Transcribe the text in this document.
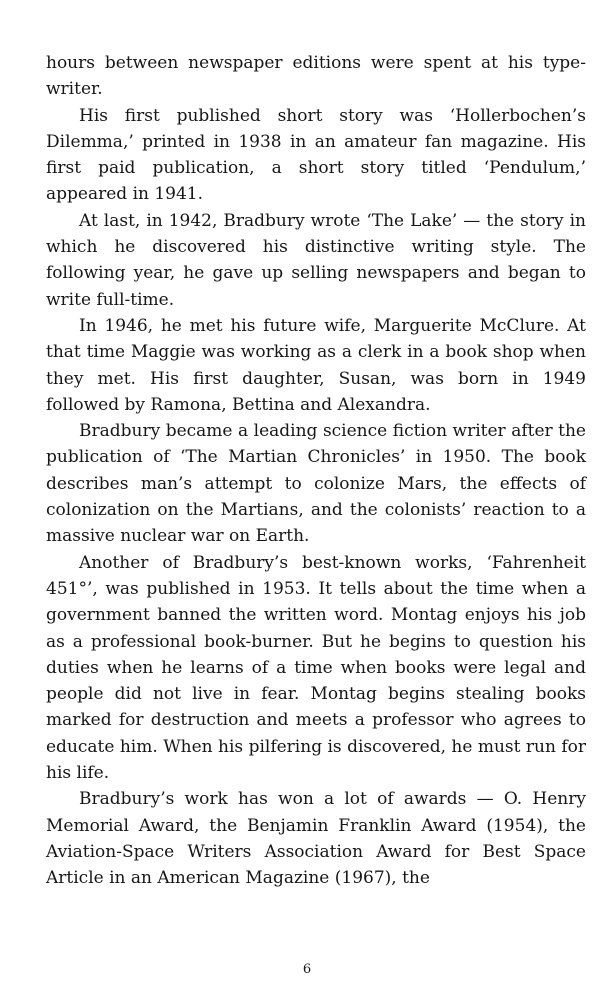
hours between newspaper editions were spent at his typewriter.

His first published short story was ‘Hollerbochen’s Dilemma,’ printed in 1938 in an amateur fan magazine. His first paid publication, a short story titled ‘Pendulum,’ appeared in 1941.

At last, in 1942, Bradbury wrote ‘The Lake’ — the story in which he discovered his distinctive writing style. The following year, he gave up selling newspapers and began to write full-time.

In 1946, he met his future wife, Marguerite McClure. At that time Maggie was working as a clerk in a book shop when they met. His first daughter, Susan, was born in 1949 followed by Ramona, Bettina and Alexandra.

Bradbury became a leading science fiction writer after the publication of ‘The Martian Chronicles’ in 1950. The book describes man’s attempt to colonize Mars, the effects of colonization on the Martians, and the colonists’ reaction to a massive nuclear war on Earth.

Another of Bradbury’s best-known works, ‘Fahrenheit 451°’, was published in 1953. It tells about the time when a government banned the written word. Montag enjoys his job as a professional book-burner. But he begins to question his duties when he learns of a time when books were legal and people did not live in fear. Montag begins stealing books marked for destruction and meets a professor who agrees to educate him. When his pilfering is discovered, he must run for his life.

Bradbury’s work has won a lot of awards — O. Henry Memorial Award, the Benjamin Franklin Award (1954), the Aviation-Space Writers Association Award for Best Space Article in an American Magazine (1967), the

6
